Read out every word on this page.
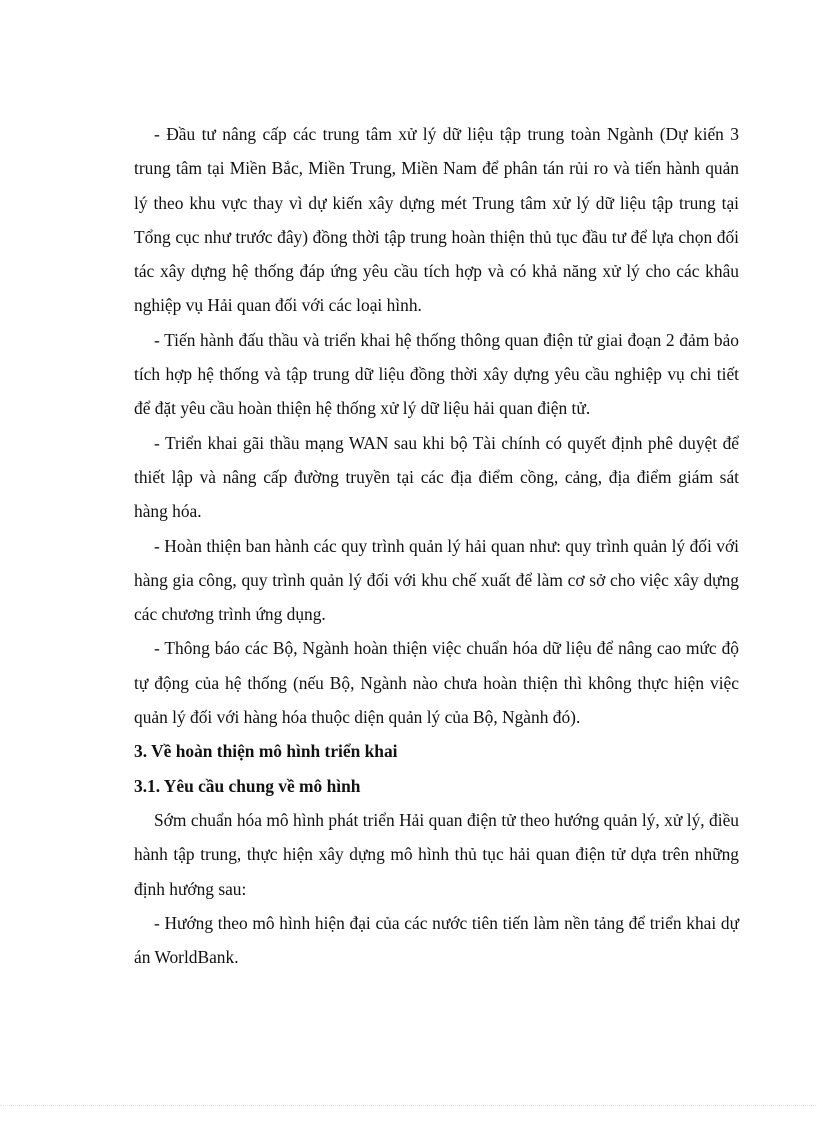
- Đầu tư nâng cấp các trung tâm xử lý dữ liệu tập trung toàn Ngành (Dự kiến 3 trung tâm tại Miền Bắc, Miền Trung, Miền Nam để phân tán rủi ro và tiến hành quản lý theo khu vực thay vì dự kiến xây dựng mét Trung tâm xử lý dữ liệu tập trung tại Tổng cục như trước đây) đồng thời tập trung hoàn thiện thủ tục đầu tư để lựa chọn đối tác xây dựng hệ thống đáp ứng yêu cầu tích hợp và có khả năng xử lý cho các khâu nghiệp vụ Hải quan đối với các loại hình.

- Tiến hành đấu thầu và triển khai hệ thống thông quan điện tử giai đoạn 2 đảm bảo tích hợp hệ thống và tập trung dữ liệu đồng thời xây dựng yêu cầu nghiệp vụ chi tiết để đặt yêu cầu hoàn thiện hệ thống xử lý dữ liệu hải quan điện tử.

- Triển khai gãi thầu mạng WAN sau khi bộ Tài chính có quyết định phê duyệt để thiết lập và nâng cấp đường truyền tại các địa điểm cồng, cảng, địa điểm giám sát hàng hóa.

- Hoàn thiện ban hành các quy trình quản lý hải quan như: quy trình quản lý đối với hàng gia công, quy trình quản lý đối với khu chế xuất để làm cơ sở cho việc xây dựng các chương trình ứng dụng.

- Thông báo các Bộ, Ngành hoàn thiện việc chuẩn hóa dữ liệu để nâng cao mức độ tự động của hệ thống (nếu Bộ, Ngành nào chưa hoàn thiện thì không thực hiện việc quản lý đối với hàng hóa thuộc diện quản lý của Bộ, Ngành đó).

3. Về hoàn thiện mô hình triển khai

3.1. Yêu cầu chung về mô hình

Sớm chuẩn hóa mô hình phát triển Hải quan điện tử theo hướng quản lý, xử lý, điều hành tập trung, thực hiện xây dựng mô hình thủ tục hải quan điện tử dựa trên những định hướng sau:

- Hướng theo mô hình hiện đại của các nước tiên tiến làm nền tảng để triển khai dự án WorldBank.
